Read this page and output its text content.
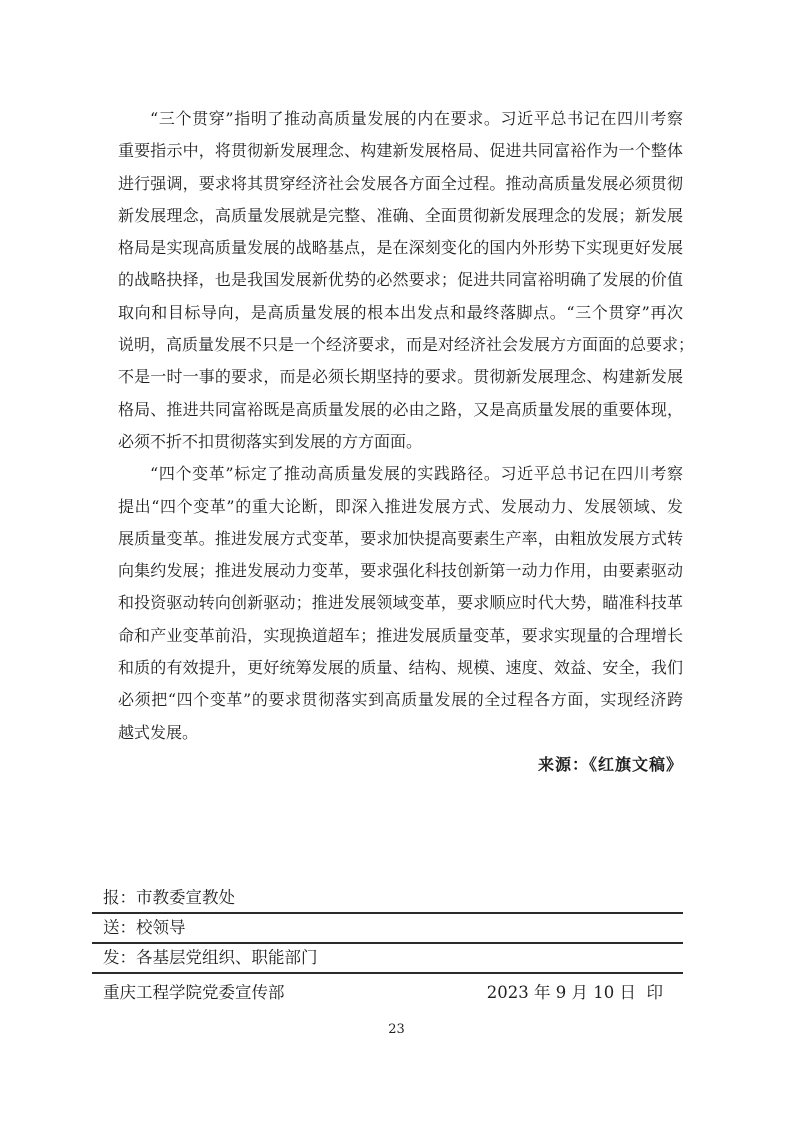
“三个贯穿”指明了推动高质量发展的内在要求。习近平总书记在四川考察
重要指示中，将贯彻新发展理念、构建新发展格局、促进共同富裕作为一个整体
进行强调，要求将其贯穿经济社会发展各方面全过程。推动高质量发展必须贯彻
新发展理念，高质量发展就是完整、准确、全面贯彻新发展理念的发展；新发展
格局是实现高质量发展的战略基点，是在深刻变化的国内外形势下实现更好发展
的战略抉择，也是我国发展新优势的必然要求；促进共同富裕明确了发展的价值
取向和目标导向，是高质量发展的根本出发点和最终落脚点。“三个贯穿”再次
说明，高质量发展不只是一个经济要求，而是对经济社会发展方方面面的总要求；
不是一时一事的要求，而是必须长期坚持的要求。贯彻新发展理念、构建新发展
格局、推进共同富裕既是高质量发展的必由之路，又是高质量发展的重要体现，
必须不折不扣贯彻落实到发展的方方面面。
“四个变革”标定了推动高质量发展的实践路径。习近平总书记在四川考察
提出“四个变革”的重大论断，即深入推进发展方式、发展动力、发展领域、发
展质量变革。推进发展方式变革，要求加快提高要素生产率，由粗放发展方式转
向集约发展；推进发展动力变革，要求强化科技创新第一动力作用，由要素驱动
和投资驱动转向创新驱动；推进发展领域变革，要求顺应时代大势，瞄准科技革
命和产业变革前沿，实现换道超车；推进发展质量变革，要求实现量的合理增长
和质的有效提升，更好统筹发展的质量、结构、规模、速度、效益、安全，我们
必须把“四个变革”的要求贯彻落实到高质量发展的全过程各方面，实现经济跨
越式发展。
来源：《红旗文稿》
报：市教委宣教处
送：校领导
发：各基层党组织、职能部门
重庆工程学院党委宣传部	2023 年 9 月 10 日  印
23
